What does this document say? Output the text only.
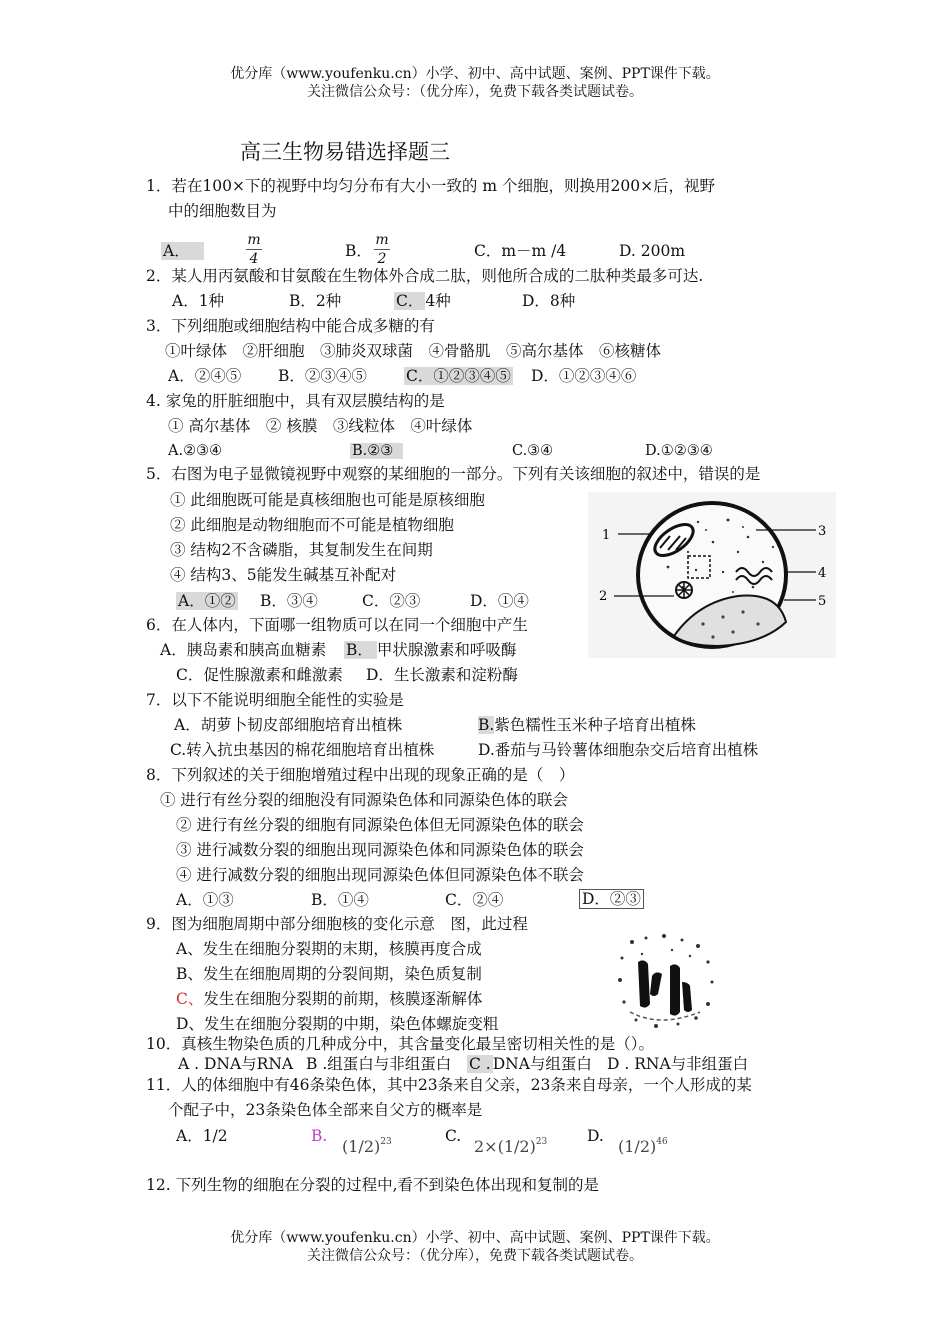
优分库（www.youfenku.cn）小学、初中、高中试题、案例、PPT课件下载。
关注微信公众号：（优分库），免费下载各类试题试卷。
高三生物易错选择题三
1．若在100×下的视野中均匀分布有大小一致的 m 个细胞，则换用200×后，视野
中的细胞数目为
A．
m
4	B．
m
2	C．m－m /4	D. 200m
2．某人用丙氨酸和甘氨酸在生物体外合成二肽，则他所合成的二肽种类最多可达.
A．1种	B．2种	C． 4种	D．8种
3．下列细胞或细胞结构中能合成多糖的有
①叶绿体　②肝细胞　③肺炎双球菌　④骨骼肌　⑤高尔基体　⑥核糖体
A．②④⑤ B．②③④⑤	C．①②③④⑤ D．①②③④⑥
4. 家兔的肝脏细胞中，具有双层膜结构的是
① 高尔基体　② 核膜　③线粒体　④叶绿体
A.②③④	B.②③	C.③④	D.①②③④
5．右图为电子显微镜视野中观察的某细胞的一部分。下列有关该细胞的叙述中，错误的是
① 此细胞既可能是真核细胞也可能是原核细胞
② 此细胞是动物细胞而不可能是植物细胞
③ 结构2不含磷脂，其复制发生在间期
④ 结构3、5能发生碱基互补配对
A．①② B．③④	C．②③	D．①④
1
2
3
4
5
6．在人体内，下面哪一组物质可以在同一个细胞中产生
A．胰岛素和胰高血糖素 B． 甲状腺激素和呼吸酶
C．促性腺激素和雌激素 D．生长激素和淀粉酶
7．以下不能说明细胞全能性的实验是
A．胡萝卜韧皮部细胞培育出植株	B.紫色糯性玉米种子培育出植株
C.转入抗虫基因的棉花细胞培育出植株	D.番茄与马铃薯体细胞杂交后培育出植株
8．下列叙述的关于细胞增殖过程中出现的现象正确的是（　）
① 进行有丝分裂的细胞没有同源染色体和同源染色体的联会
② 进行有丝分裂的细胞有同源染色体但无同源染色体的联会
③ 进行减数分裂的细胞出现同源染色体和同源染色体的联会
④ 进行减数分裂的细胞出现同源染色体但同源染色体不联会
A．①③	B．①④	C．②④	D．②③
9．图为细胞周期中部分细胞核的变化示意　图，此过程
A、发生在细胞分裂期的末期，核膜再度合成
B、发生在细胞周期的分裂间期，染色质复制
C、发生在细胞分裂期的前期，核膜逐渐解体
D、发生在细胞分裂期的中期，染色体螺旋变粗
10．真核生物染色质的几种成分中，其含量变化最呈密切相关性的是（）。
A . DNA与RNA B .组蛋白与非组蛋白 C . DNA与组蛋白 D . RNA与非组蛋白
11．人的体细胞中有46条染色体，其中23条来自父亲，23条来自母亲，一个人形成的某
个配子中，23条染色体全部来自父方的概率是
A．1/2	B.
$(1/2)^{23}$	C.
$2\times(1/2)^{23}$	D.
$(1/2)^{46}$
12. 下列生物的细胞在分裂的过程中,看不到染色体出现和复制的是
优分库（www.youfenku.cn）小学、初中、高中试题、案例、PPT课件下载。
关注微信公众号：（优分库），免费下载各类试题试卷。
